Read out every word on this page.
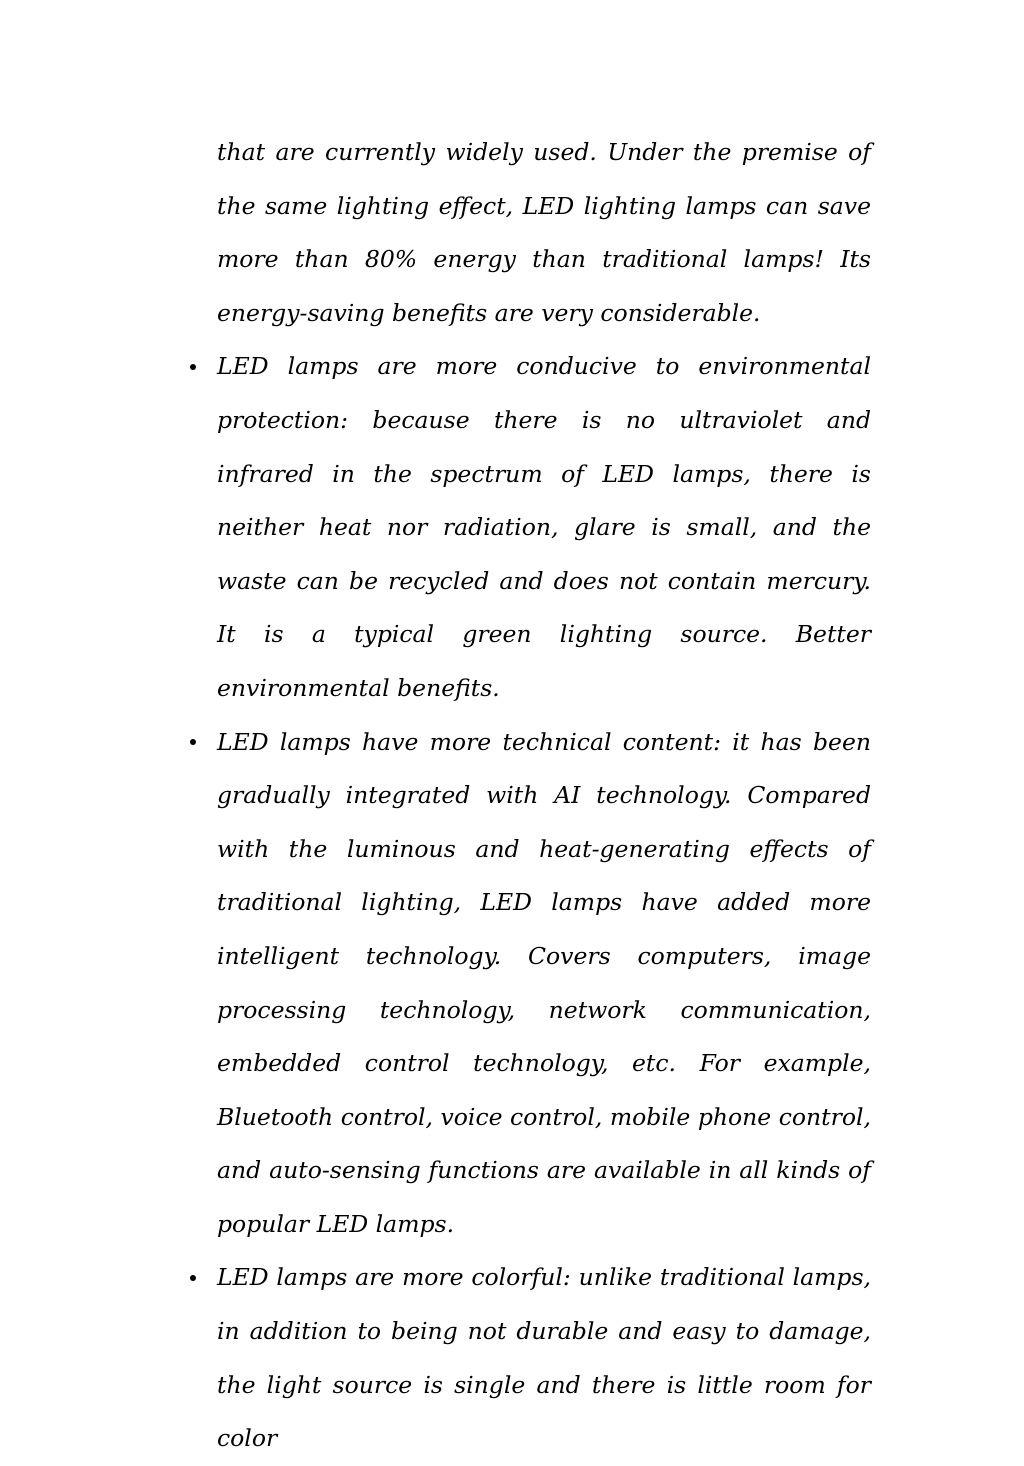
that are currently widely used. Under the premise of the same lighting effect, LED lighting lamps can save more than 80% energy than traditional lamps! Its energy-saving benefits are very considerable.

LED lamps are more conducive to environmental protection: because there is no ultraviolet and infrared in the spectrum of LED lamps, there is neither heat nor radiation, glare is small, and the waste can be recycled and does not contain mercury. It is a typical green lighting source. Better environmental benefits.
LED lamps have more technical content: it has been gradually integrated with AI technology. Compared with the luminous and heat-generating effects of traditional lighting, LED lamps have added more intelligent technology. Covers computers, image processing technology, network communication, embedded control technology, etc. For example, Bluetooth control, voice control, mobile phone control, and auto-sensing functions are available in all kinds of popular LED lamps.
LED lamps are more colorful: unlike traditional lamps, in addition to being not durable and easy to damage, the light source is single and there is little room for color
